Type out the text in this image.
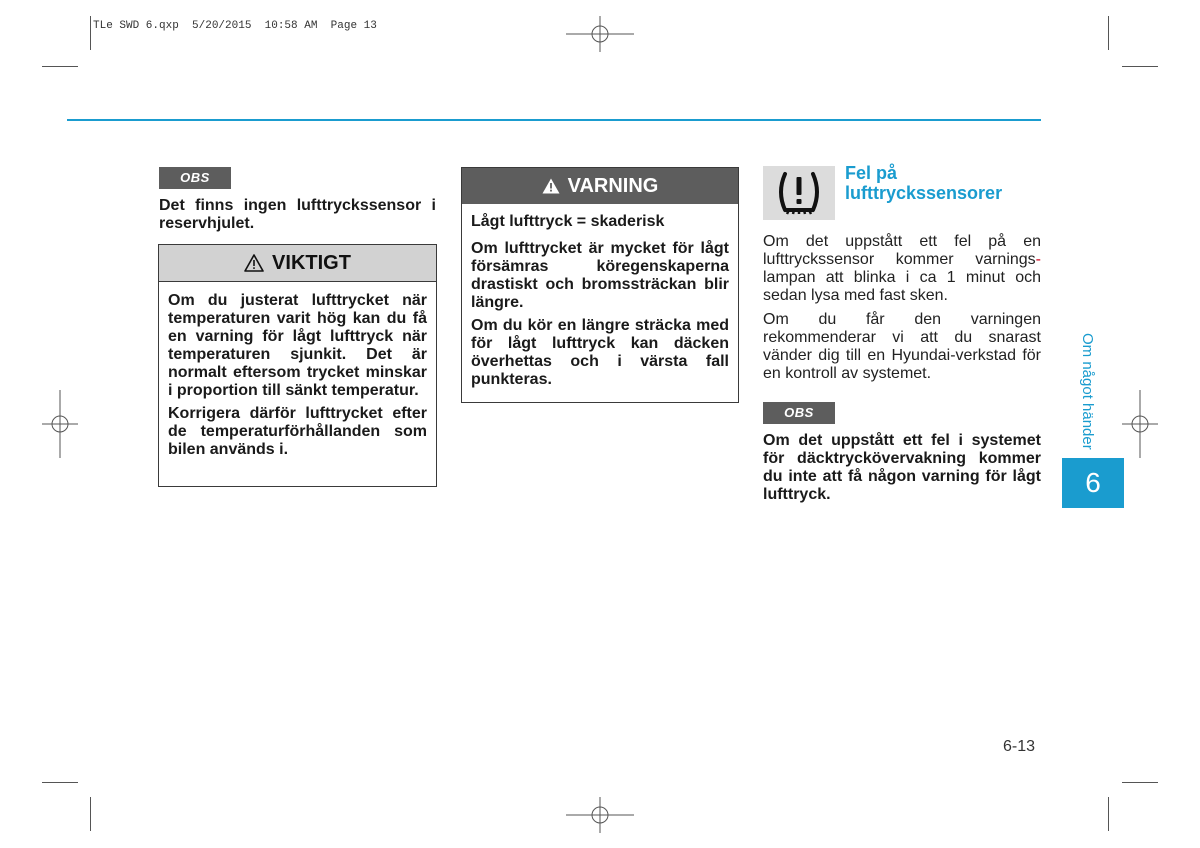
TLe SWD 6.qxp  5/20/2015  10:58 AM  Page 13
OBS
Det finns ingen lufttryckssensor i reservhjulet.
VIKTIGT

Om du justerat lufttrycket när temperaturen varit hög kan du få en varning för lågt lufttryck när temperaturen sjunkit. Det är normalt eftersom trycket minskar i proportion till sänkt temperatur.

Korrigera därför lufttrycket efter de temperaturförhållanden som bilen används i.

VARNING

Lågt lufttryck = skaderisk

Om lufttrycket är mycket för lågt försämras köregenskaperna drastiskt och bromssträckan blir längre.

Om du kör en längre sträcka med för lågt lufttryck kan däcken överhettas och i värsta fall punkteras.

Fel på
lufttryckssensorer

Om det uppstått ett fel på en lufttryckssensor kommer varnings-lampan att blinka i ca 1 minut och sedan lysa med fast sken.

Om du får den varningen rekommenderar vi att du snarast vänder dig till en Hyundai-verkstad för en kontroll av systemet.

OBS
Om det uppstått ett fel i systemet för däcktryckövervakning kommer du inte att få någon varning för lågt lufttryck.
Om något händer
6
6-13
